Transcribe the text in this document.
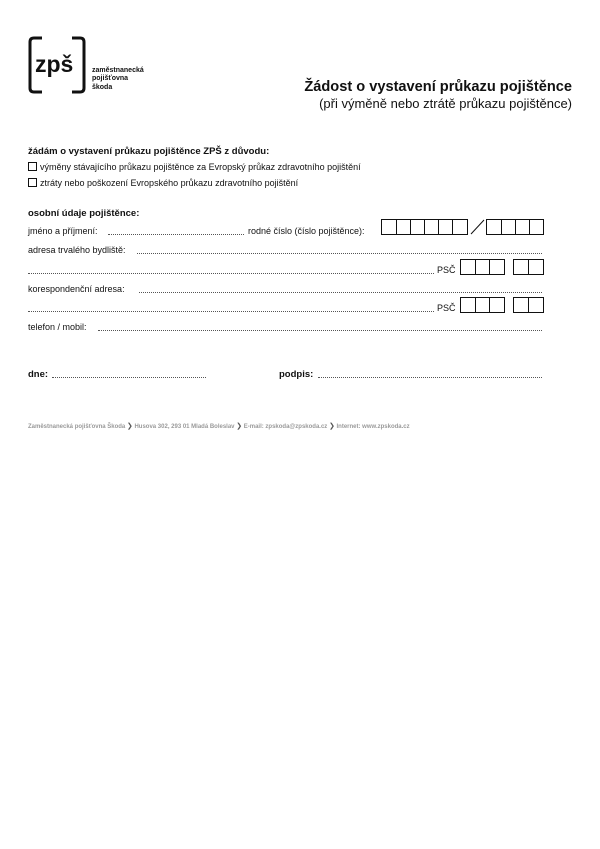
zpš	zaměstnanecká
pojišťovna
škoda	Žádost o vystavení průkazu pojištěnce
(při výměně nebo ztrátě průkazu pojištěnce)
žádám o vystavení průkazu pojištěnce ZPŠ z důvodu:
výměny stávajícího průkazu pojištěnce za Evropský průkaz zdravotního pojištění
ztráty nebo poškození Evropského průkazu zdravotního pojištění
osobní údaje pojištěnce:
jméno a příjmení:	rodné číslo (číslo pojištěnce):
adresa trvalého bydliště:
PSČ
korespondenční adresa:
PSČ
telefon / mobil:
dne:	podpis:
Zaměstnanecká pojišťovna Škoda ❯ Husova 302, 293 01 Mladá Boleslav ❯ E-mail: zpskoda@zpskoda.cz ❯ Internet: www.zpskoda.cz
